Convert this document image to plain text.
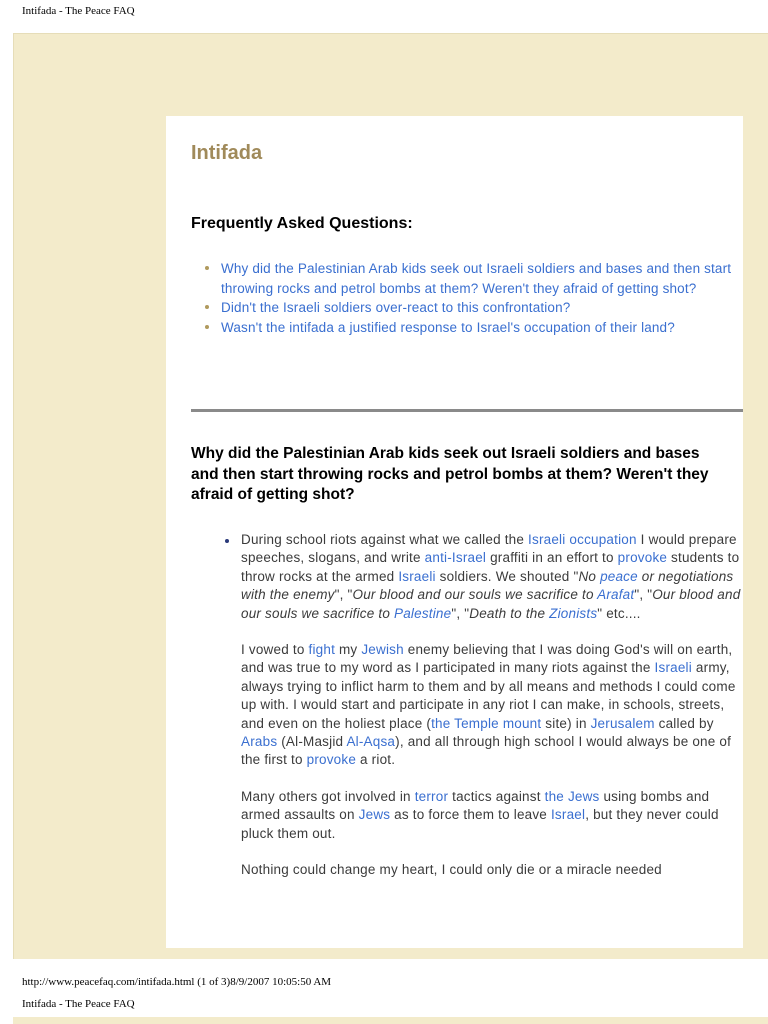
Intifada - The Peace FAQ
Intifada
Frequently Asked Questions:
Why did the Palestinian Arab kids seek out Israeli soldiers and bases and then start throwing rocks and petrol bombs at them? Weren't they afraid of getting shot?
Didn't the Israeli soldiers over-react to this confrontation?
Wasn't the intifada a justified response to Israel's occupation of their land?
Why did the Palestinian Arab kids seek out Israeli soldiers and bases and then start throwing rocks and petrol bombs at them? Weren't they afraid of getting shot?

During school riots against what we called the Israeli occupation I would prepare speeches, slogans, and write anti-Israel graffiti in an effort to provoke students to throw rocks at the armed Israeli soldiers. We shouted "No peace or negotiations with the enemy", "Our blood and our souls we sacrifice to Arafat", "Our blood and our souls we sacrifice to Palestine", "Death to the Zionists" etc....

I vowed to fight my Jewish enemy believing that I was doing God's will on earth, and was true to my word as I participated in many riots against the Israeli army, always trying to inflict harm to them and by all means and methods I could come up with. I would start and participate in any riot I can make, in schools, streets, and even on the holiest place (the Temple mount site) in Jerusalem called by Arabs (Al-Masjid Al-Aqsa), and all through high school I would always be one of the first to provoke a riot.

Many others got involved in terror tactics against the Jews using bombs and armed assaults on Jews as to force them to leave Israel, but they never could pluck them out.

Nothing could change my heart, I could only die or a miracle needed

http://www.peacefaq.com/intifada.html (1 of 3)8/9/2007 10:05:50 AM
Intifada - The Peace FAQ
